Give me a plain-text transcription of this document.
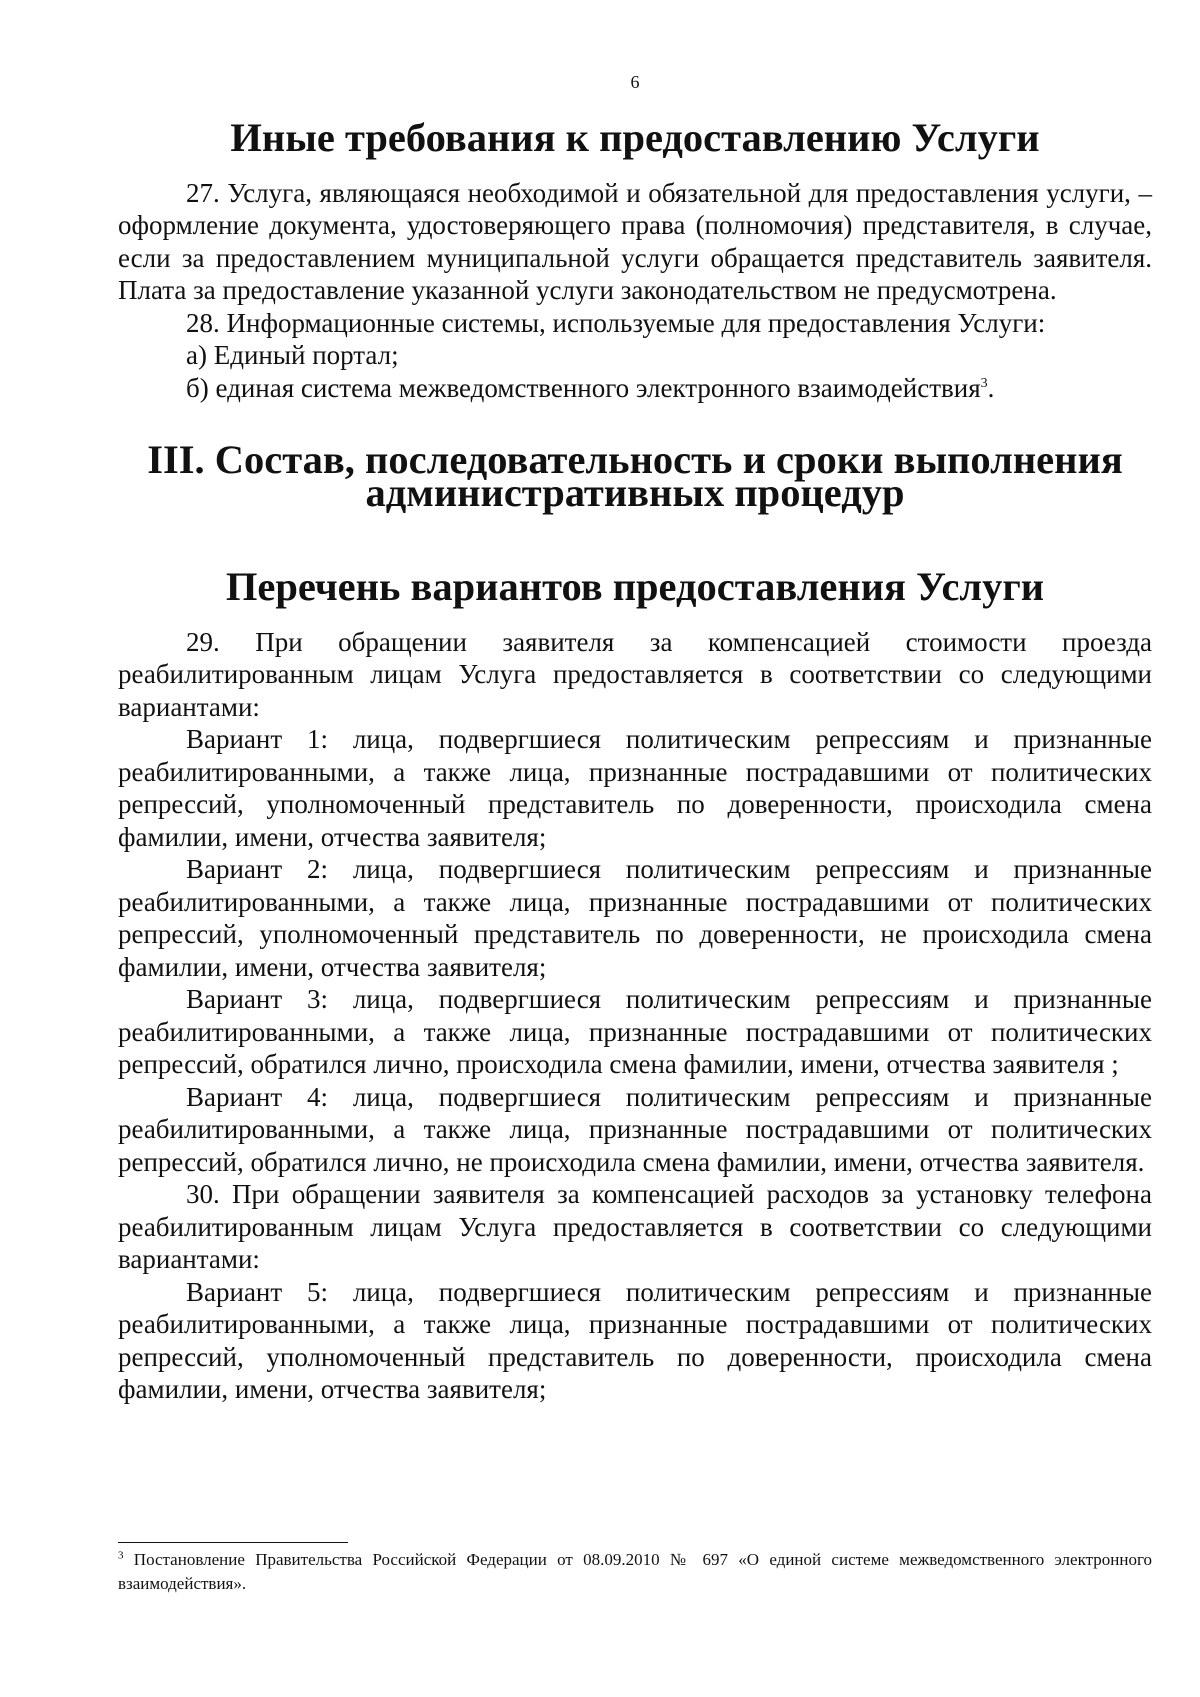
6
Иные требования к предоставлению Услуги

27. Услуга, являющаяся необходимой и обязательной для предоставления услуги, – оформление документа, удостоверяющего права (полномочия) представителя, в случае, если за предоставлением муниципальной услуги обращается представитель заявителя. Плата за предоставление указанной услуги законодательством не предусмотрена.

28. Информационные системы, используемые для предоставления Услуги:

а) Единый портал;

б) единая система межведомственного электронного взаимодействия$^3$.

III. Состав, последовательность и сроки выполнения административных процедур
Перечень вариантов предоставления Услуги

29. При обращении заявителя за компенсацией стоимости проезда реабилитированным лицам Услуга предоставляется в соответствии со следующими вариантами:

Вариант 1: лица, подвергшиеся политическим репрессиям и признанные реабилитированными, а также лица, признанные пострадавшими от политических репрессий, уполномоченный представитель по доверенности, происходила смена фамилии, имени, отчества заявителя;

Вариант 2: лица, подвергшиеся политическим репрессиям и признанные реабилитированными, а также лица, признанные пострадавшими от политических репрессий, уполномоченный представитель по доверенности, не происходила смена фамилии, имени, отчества заявителя;

Вариант 3: лица, подвергшиеся политическим репрессиям и признанные реабилитированными, а также лица, признанные пострадавшими от политических репрессий, обратился лично, происходила смена фамилии, имени, отчества заявителя ;

Вариант 4: лица, подвергшиеся политическим репрессиям и признанные реабилитированными, а также лица, признанные пострадавшими от политических репрессий, обратился лично, не происходила смена фамилии, имени, отчества заявителя.

30. При обращении заявителя за компенсацией расходов за установку телефона реабилитированным лицам Услуга предоставляется в соответствии со следующими вариантами:

Вариант 5: лица, подвергшиеся политическим репрессиям и признанные реабилитированными, а также лица, признанные пострадавшими от политических репрессий, уполномоченный представитель по доверенности, происходила смена фамилии, имени, отчества заявителя;

$^3$ Постановление Правительства Российской Федерации от 08.09.2010 № 697 «О единой системе межведомственного электронного взаимодействия».
